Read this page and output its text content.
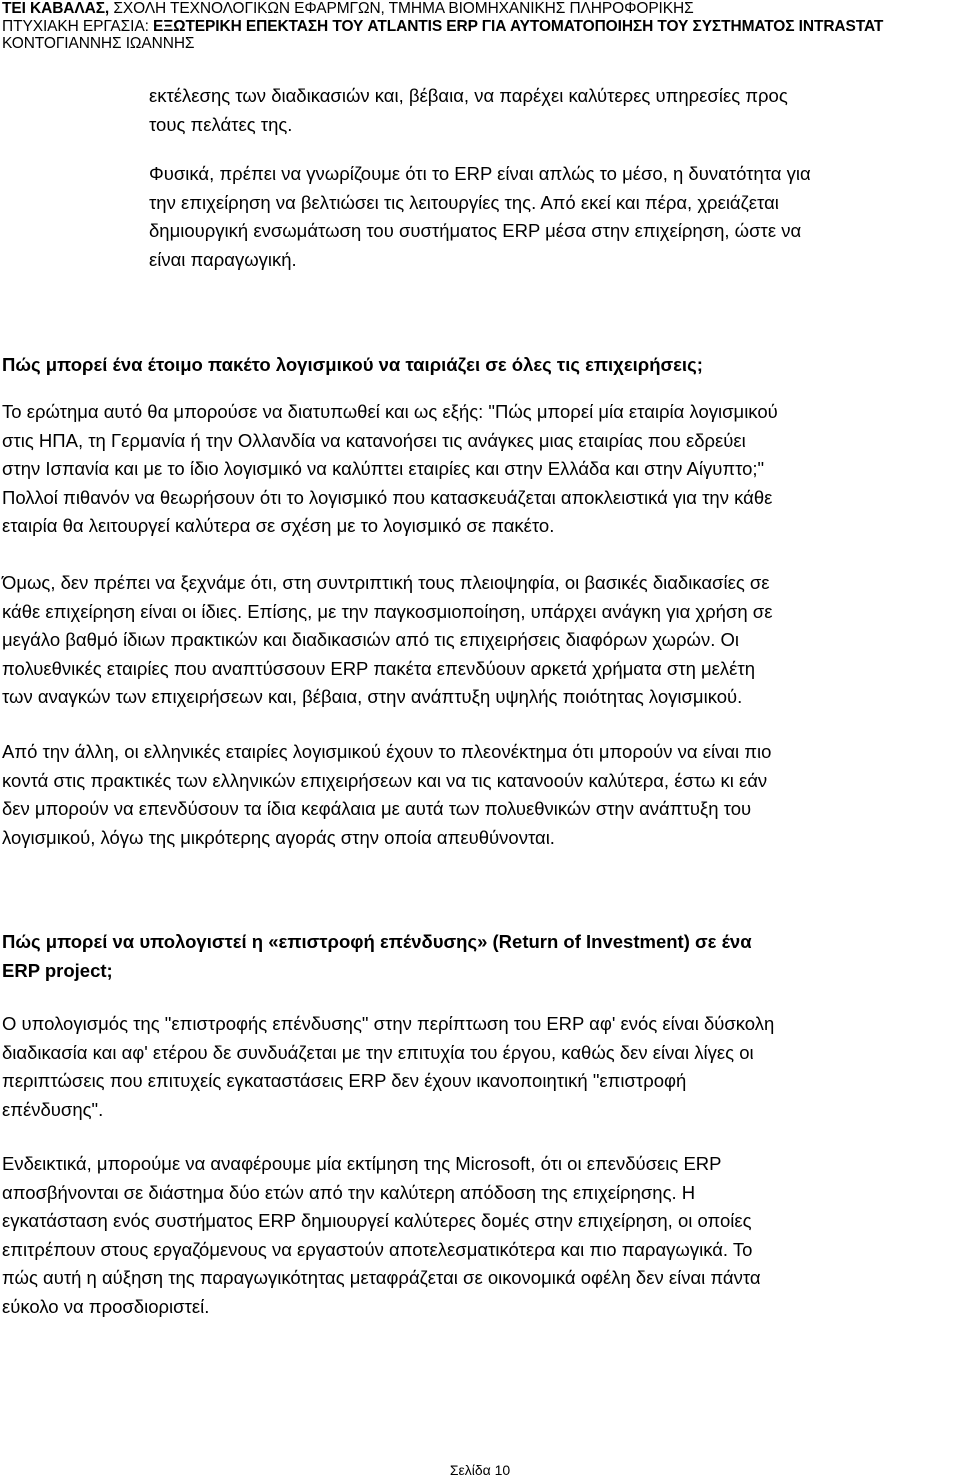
ΤΕΙ ΚΑΒΑΛΑΣ, ΣΧΟΛΗ ΤΕΧΝΟΛΟΓΙΚΩΝ ΕΦΑΡΜΓΩΝ, ΤΜΗΜΑ ΒΙΟΜΗΧΑΝΙΚΗΣ ΠΛΗΡΟΦΟΡΙΚΗΣ
ΠΤΥΧΙΑΚΗ ΕΡΓΑΣΙΑ: ΕΞΩΤΕΡΙΚΗ ΕΠΕΚΤΑΣΗ ΤΟΥ ATLANTIS ERP ΓΙΑ ΑΥΤΟΜΑΤΟΠΟΙΗΣΗ ΤΟΥ ΣΥΣΤΗΜΑΤΟΣ INTRASTAT
ΚΟΝΤΟΓΙΑΝΝΗΣ ΙΩΑΝΝΗΣ
εκτέλεσης των διαδικασιών και, βέβαια, να παρέχει καλύτερες υπηρεσίες προς
τους πελάτες της.
Φυσικά, πρέπει να γνωρίζουμε ότι το ERP είναι απλώς το μέσο, η δυνατότητα για
την επιχείρηση να βελτιώσει τις λειτουργίες της. Από εκεί και πέρα, χρειάζεται
δημιουργική ενσωμάτωση του συστήματος ERP μέσα στην επιχείρηση, ώστε να
είναι παραγωγική.
Πώς μπορεί ένα έτοιμο πακέτο λογισμικού να ταιριάζει σε όλες τις επιχειρήσεις;
Το ερώτημα αυτό θα μπορούσε να διατυπωθεί και ως εξής: "Πώς μπορεί μία εταιρία λογισμικού
στις ΗΠΑ, τη Γερμανία ή την Ολλανδία να κατανοήσει τις ανάγκες μιας εταιρίας που εδρεύει
στην Ισπανία και με το ίδιο λογισμικό να καλύπτει εταιρίες και στην Ελλάδα και στην Αίγυπτο;"
Πολλοί πιθανόν να θεωρήσουν ότι το λογισμικό που κατασκευάζεται αποκλειστικά για την κάθε
εταιρία θα λειτουργεί καλύτερα σε σχέση με το λογισμικό σε πακέτο.
Όμως, δεν πρέπει να ξεχνάμε ότι, στη συντριπτική τους πλειοψηφία, οι βασικές διαδικασίες σε
κάθε επιχείρηση είναι οι ίδιες. Επίσης, με την παγκοσμιοποίηση, υπάρχει ανάγκη για χρήση σε
μεγάλο βαθμό ίδιων πρακτικών και διαδικασιών από τις επιχειρήσεις διαφόρων χωρών. Οι
πολυεθνικές εταιρίες που αναπτύσσουν ERP πακέτα επενδύουν αρκετά χρήματα στη μελέτη
των αναγκών των επιχειρήσεων και, βέβαια, στην ανάπτυξη υψηλής ποιότητας λογισμικού.
Από την άλλη, οι ελληνικές εταιρίες λογισμικού έχουν το πλεονέκτημα ότι μπορούν να είναι πιο
κοντά στις πρακτικές των ελληνικών επιχειρήσεων και να τις κατανοούν καλύτερα, έστω κι εάν
δεν μπορούν να επενδύσουν τα ίδια κεφάλαια με αυτά των πολυεθνικών στην ανάπτυξη του
λογισμικού, λόγω της μικρότερης αγοράς στην οποία απευθύνονται.
Πώς μπορεί να υπολογιστεί η «επιστροφή επένδυσης» (Return of Investment) σε ένα
ERP project;
Ο υπολογισμός της "επιστροφής επένδυσης" στην περίπτωση του ERP αφ' ενός είναι δύσκολη
διαδικασία και αφ' ετέρου δε συνδυάζεται με την επιτυχία του έργου, καθώς δεν είναι λίγες οι
περιπτώσεις που επιτυχείς εγκαταστάσεις ERP δεν έχουν ικανοποιητική "επιστροφή
επένδυσης".
Ενδεικτικά, μπορούμε να αναφέρουμε μία εκτίμηση της Microsoft, ότι οι επενδύσεις ERP
αποσβήνονται σε διάστημα δύο ετών από την καλύτερη απόδοση της επιχείρησης. Η
εγκατάσταση ενός συστήματος ERP δημιουργεί καλύτερες δομές στην επιχείρηση, οι οποίες
επιτρέπουν στους εργαζόμενους να εργαστούν αποτελεσματικότερα και πιο παραγωγικά. Το
πώς αυτή η αύξηση της παραγωγικότητας μεταφράζεται σε οικονομικά οφέλη δεν είναι πάντα
εύκολο να προσδιοριστεί.
Σελίδα 10
